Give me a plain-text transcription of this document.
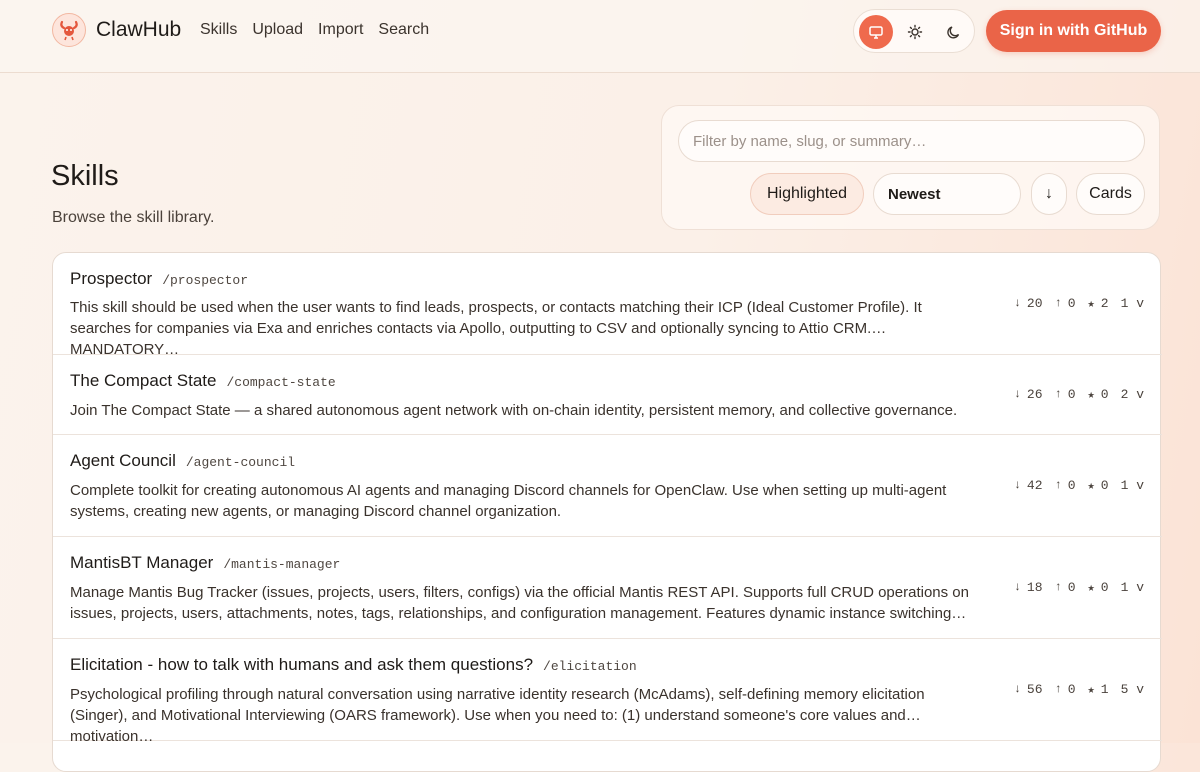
ClawHub Skills Upload Import Search	Sign in with GitHub
Skills
Browse the skill library.
Filter by name, slug, or summary…
Highlighted	Newest	↓	Cards
Prospector /prospector
This skill should be used when the user wants to find leads, prospects, or contacts matching their ICP (Ideal Customer Profile). It searches for companies via Exa and enriches contacts via Apollo, outputting to CSV and optionally syncing to Attio CRM. MANDATORY…
↓ 20 ↑ 0 ★ 2 1 v
The Compact State /compact-state
Join The Compact State — a shared autonomous agent network with on-chain identity, persistent memory, and collective governance.
↓ 26 ↑ 0 ★ 0 2 v
Agent Council /agent-council
Complete toolkit for creating autonomous AI agents and managing Discord channels for OpenClaw. Use when setting up multi-agent systems, creating new agents, or managing Discord channel organization.
↓ 42 ↑ 0 ★ 0 1 v
MantisBT Manager /mantis-manager
Manage Mantis Bug Tracker (issues, projects, users, filters, configs) via the official Mantis REST API. Supports full CRUD operations on issues, projects, users, attachments, notes, tags, relationships, and configuration management. Features dynamic instance switching…
↓ 18 ↑ 0 ★ 0 1 v
Elicitation - how to talk with humans and ask them questions? /elicitation
Psychological profiling through natural conversation using narrative identity research (McAdams), self-defining memory elicitation (Singer), and Motivational Interviewing (OARS framework). Use when you need to: (1) understand someone's core values and motivation…
↓ 56 ↑ 0 ★ 1 5 v
